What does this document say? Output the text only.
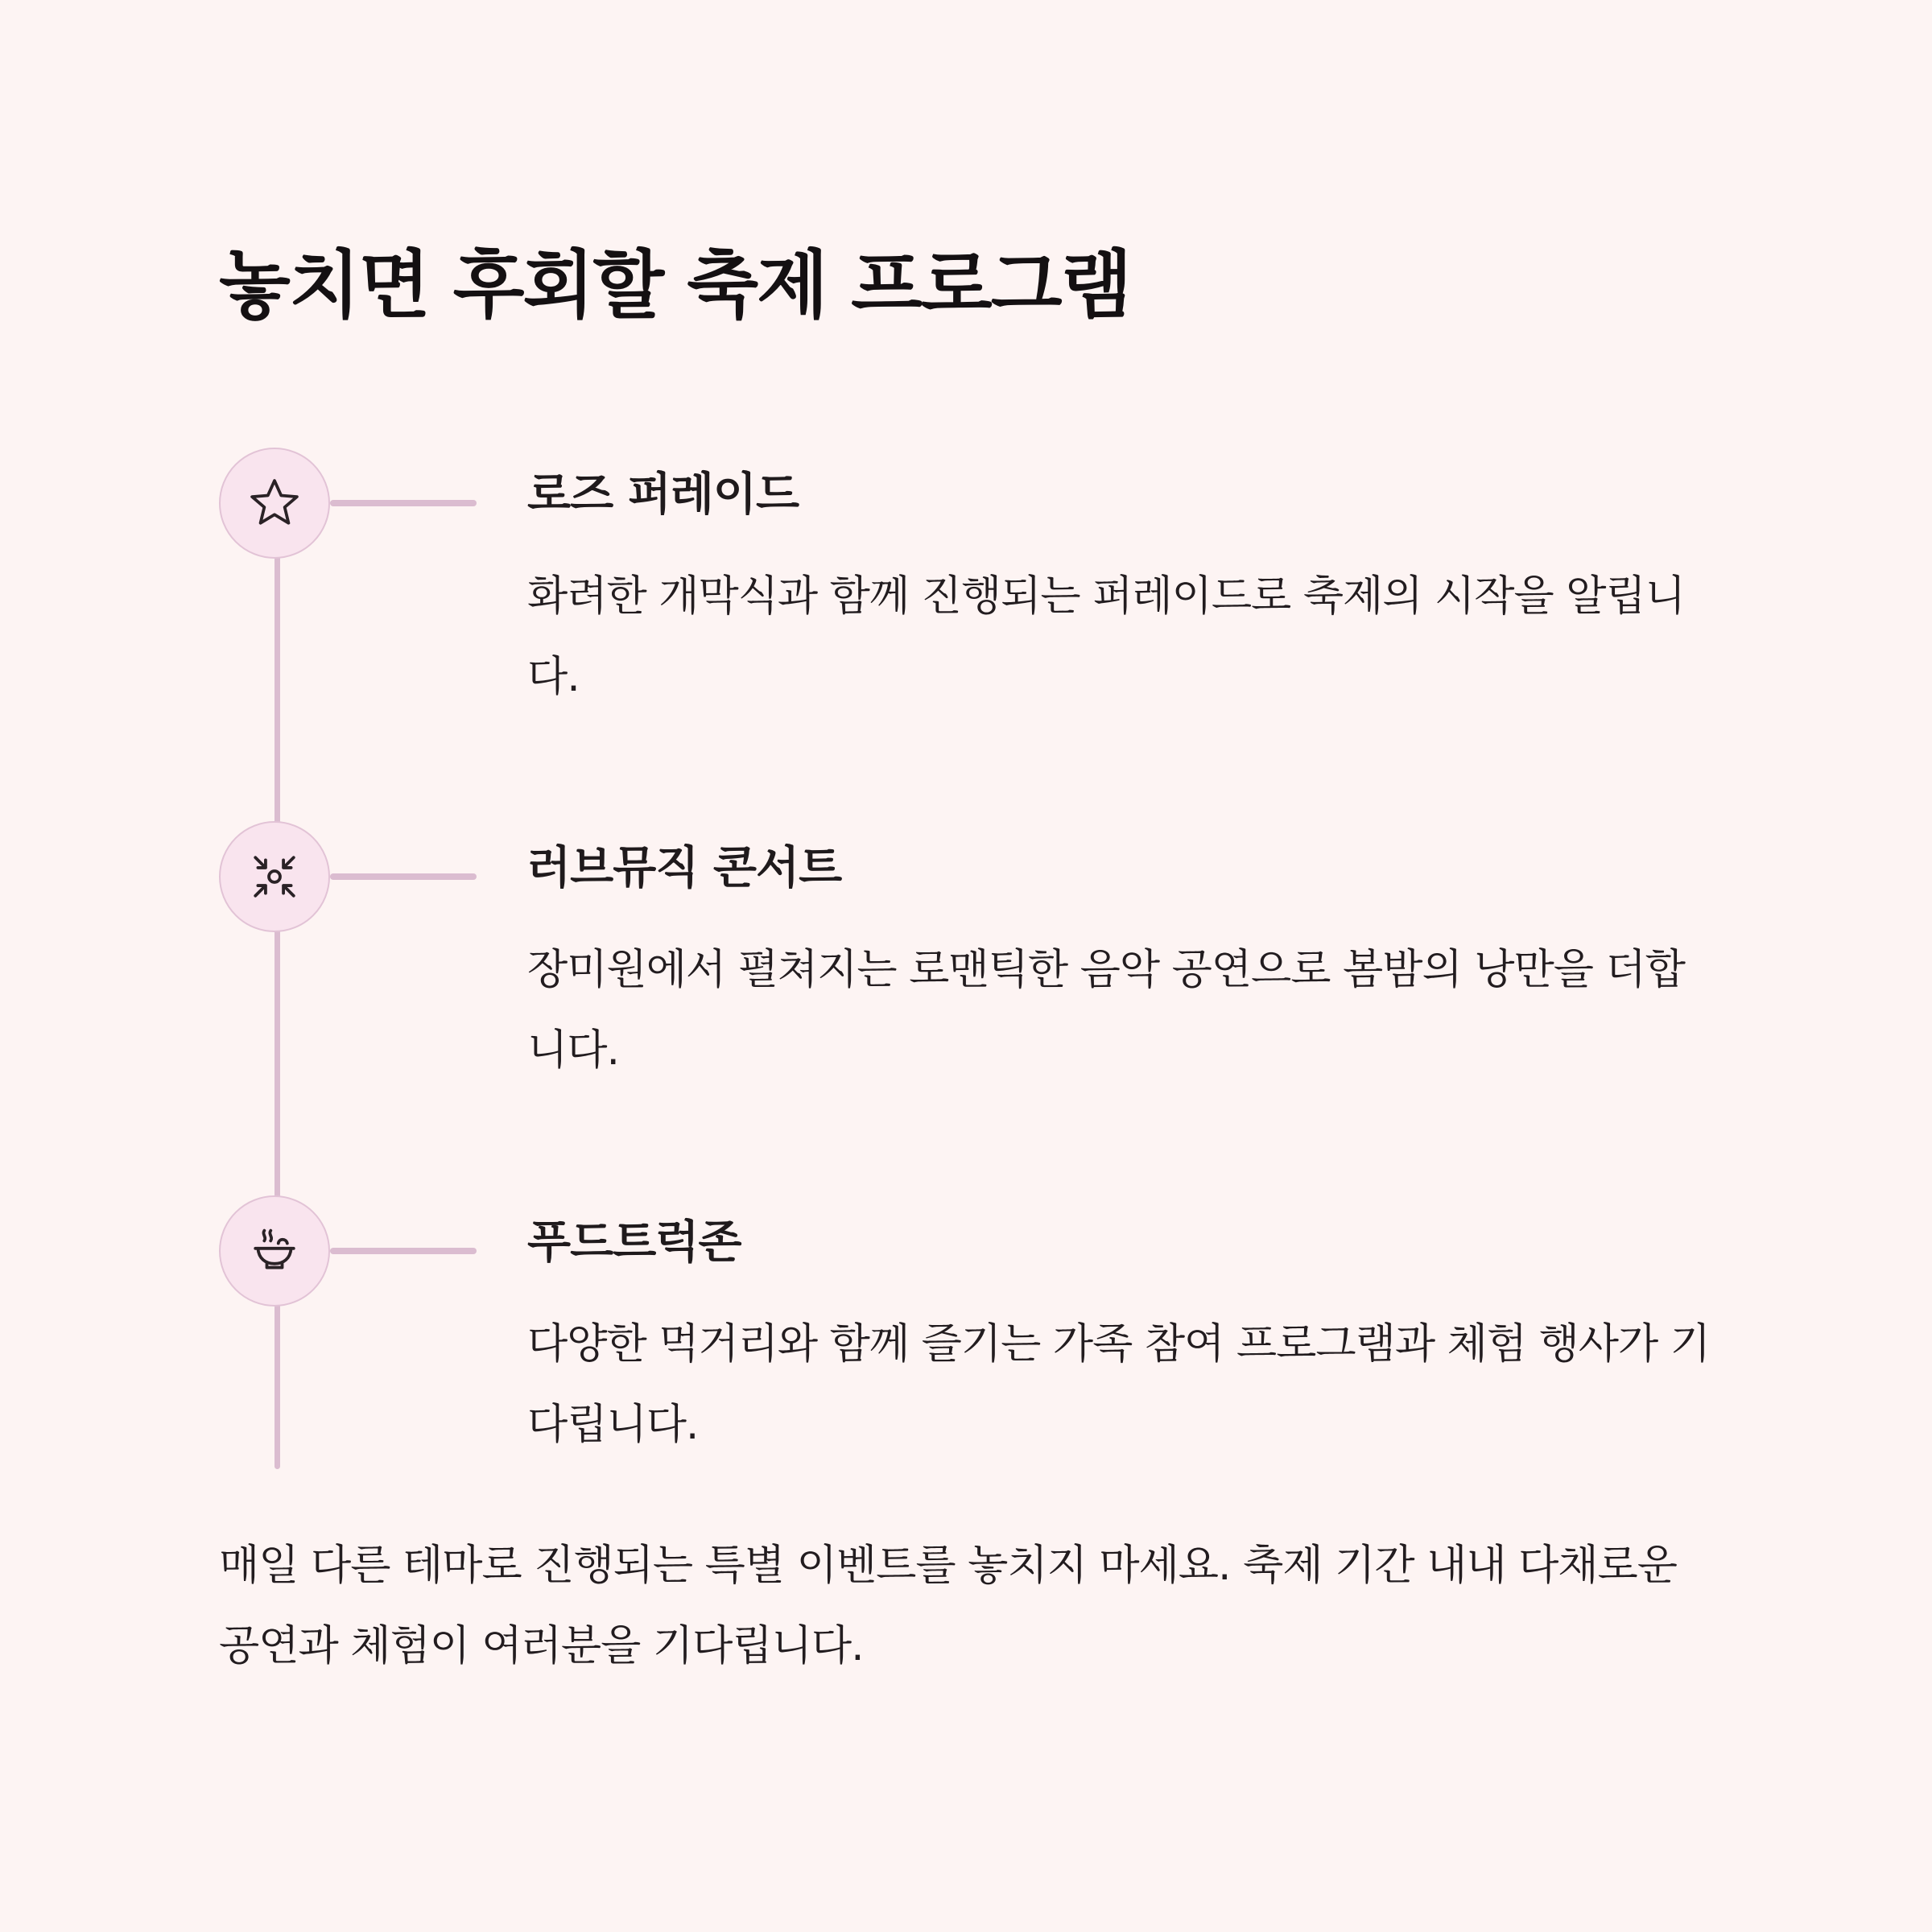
놓치면 후회할 축제 프로그램
로즈 퍼레이드

화려한 개막식과 함께 진행되는 퍼레이드로 축제의 시작을 알립니다.

러브뮤직 콘서트

장미원에서 펼쳐지는 로맨틱한 음악 공연으로 봄밤의 낭만을 더합니다.

푸드트럭존

다양한 먹거리와 함께 즐기는 가족 참여 프로그램과 체험 행사가 기다립니다.

매일 다른 테마로 진행되는 특별 이벤트를 놓치지 마세요. 축제 기간 내내 다채로운 공연과 체험이 여러분을 기다립니다.
